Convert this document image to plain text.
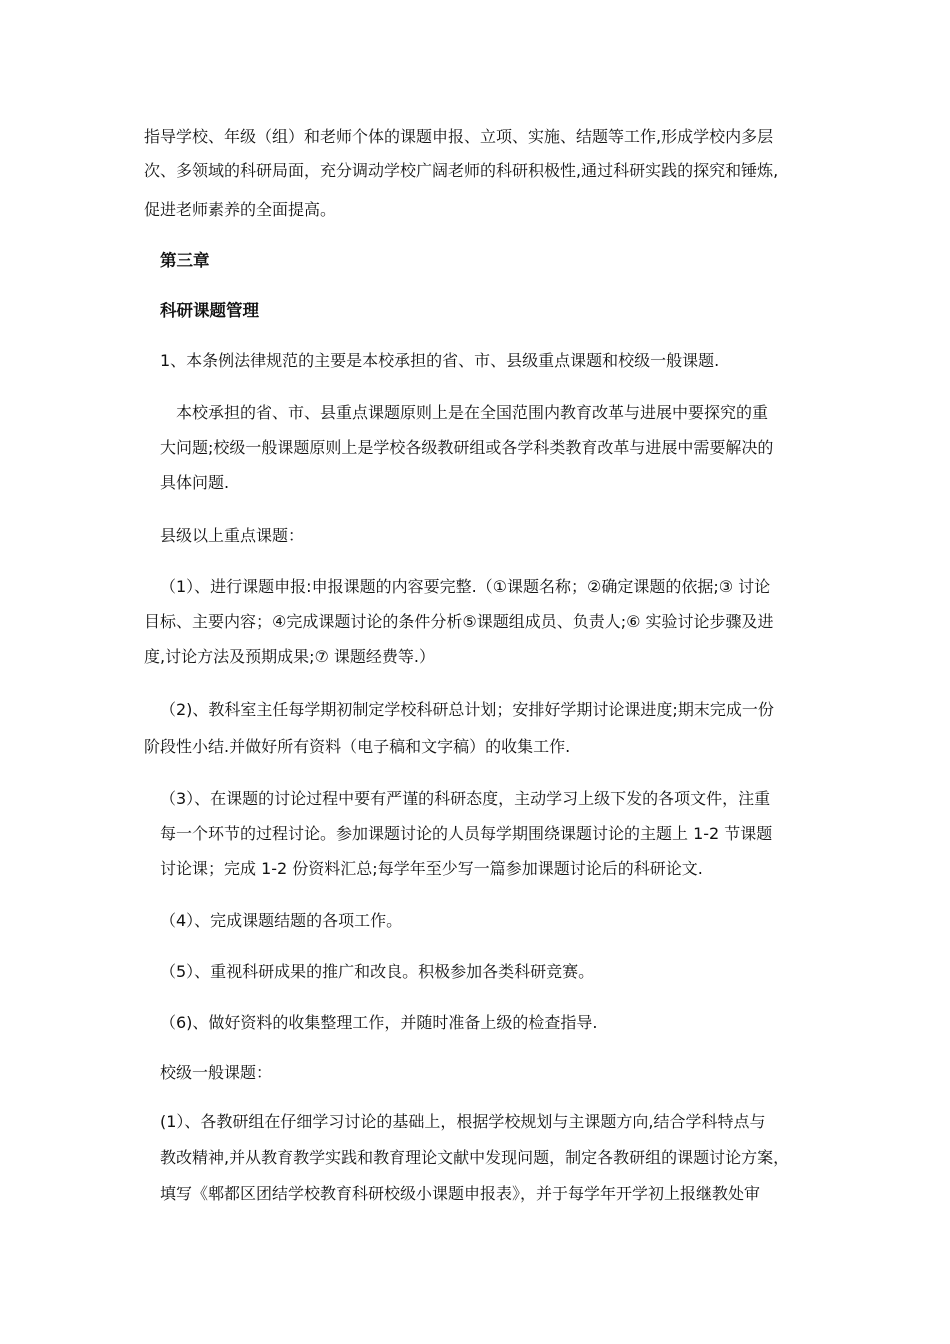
指导学校、年级（组）和老师个体的课题申报、立项、实施、结题等工作,形成学校内多层
次、多领域的科研局面，充分调动学校广阔老师的科研积极性,通过科研实践的探究和锤炼,
促进老师素养的全面提高。
第三章
科研课题管理
1、本条例法律规范的主要是本校承担的省、市、县级重点课题和校级一般课题.
本校承担的省、市、县重点课题原则上是在全国范围内教育改革与进展中要探究的重
大问题;校级一般课题原则上是学校各级教研组或各学科类教育改革与进展中需要解决的
具体问题.
县级以上重点课题：
（1）、进行课题申报:申报课题的内容要完整.（①课题名称；②确定课题的依据;③ 讨论
目标、主要内容；④完成课题讨论的条件分析⑤课题组成员、负责人;⑥ 实验讨论步骤及进
度,讨论方法及预期成果;⑦ 课题经费等.）
（2)、教科室主任每学期初制定学校科研总计划；安排好学期讨论课进度;期末完成一份
阶段性小结.并做好所有资料（电子稿和文字稿）的收集工作.
（3）、在课题的讨论过程中要有严谨的科研态度，主动学习上级下发的各项文件，注重
每一个环节的过程讨论。参加课题讨论的人员每学期围绕课题讨论的主题上 1-2 节课题
讨论课；完成 1-2 份资料汇总;每学年至少写一篇参加课题讨论后的科研论文.
（4）、完成课题结题的各项工作。
（5）、重视科研成果的推广和改良。积极参加各类科研竞赛。
（6)、做好资料的收集整理工作，并随时准备上级的检查指导.
校级一般课题：
(1）、各教研组在仔细学习讨论的基础上，根据学校规划与主课题方向,结合学科特点与
教改精神,并从教育教学实践和教育理论文献中发现问题，制定各教研组的课题讨论方案，
填写《郫都区团结学校教育科研校级小课题申报表》，并于每学年开学初上报继教处审
